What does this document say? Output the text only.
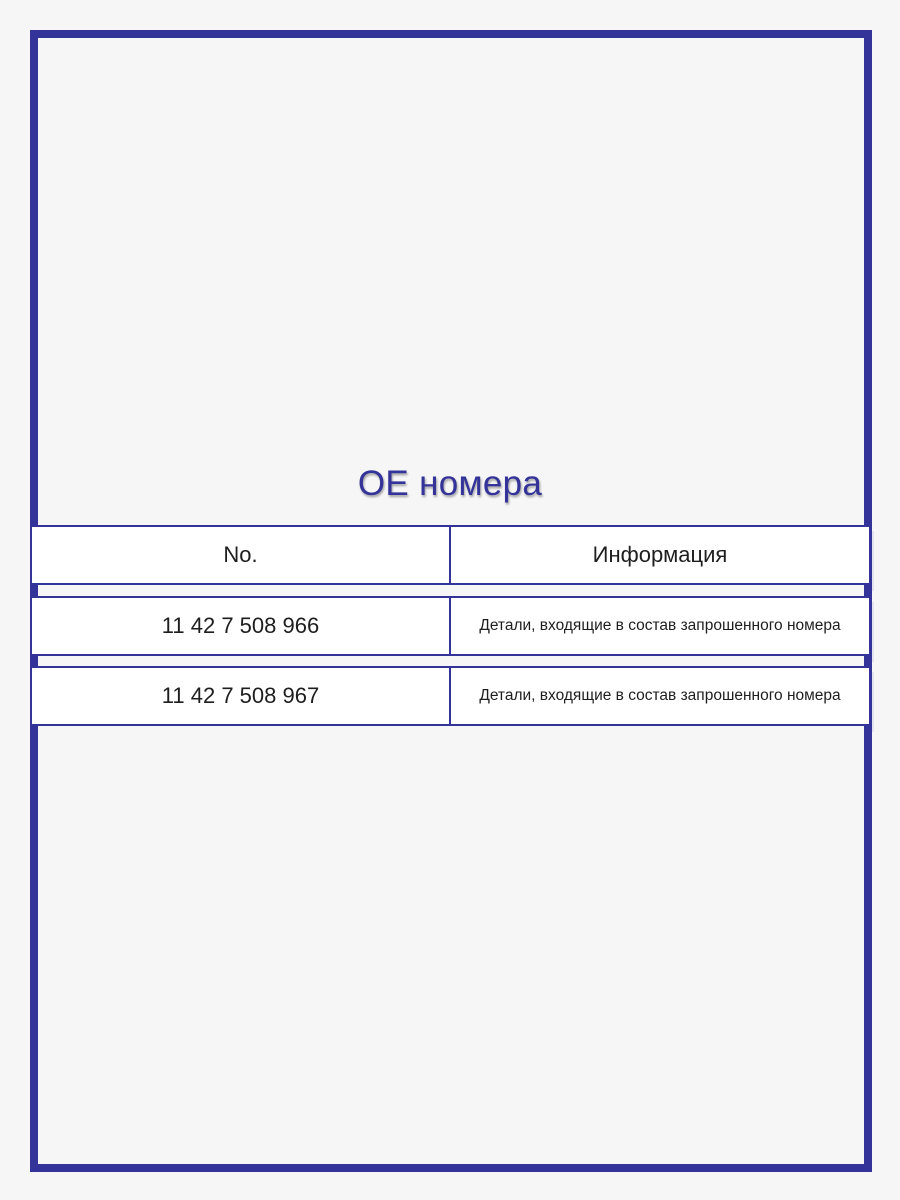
OE номера
No.	Информация
11 42 7 508 966	Детали, входящие в состав запрошенного номера
11 42 7 508 967	Детали, входящие в состав запрошенного номера
